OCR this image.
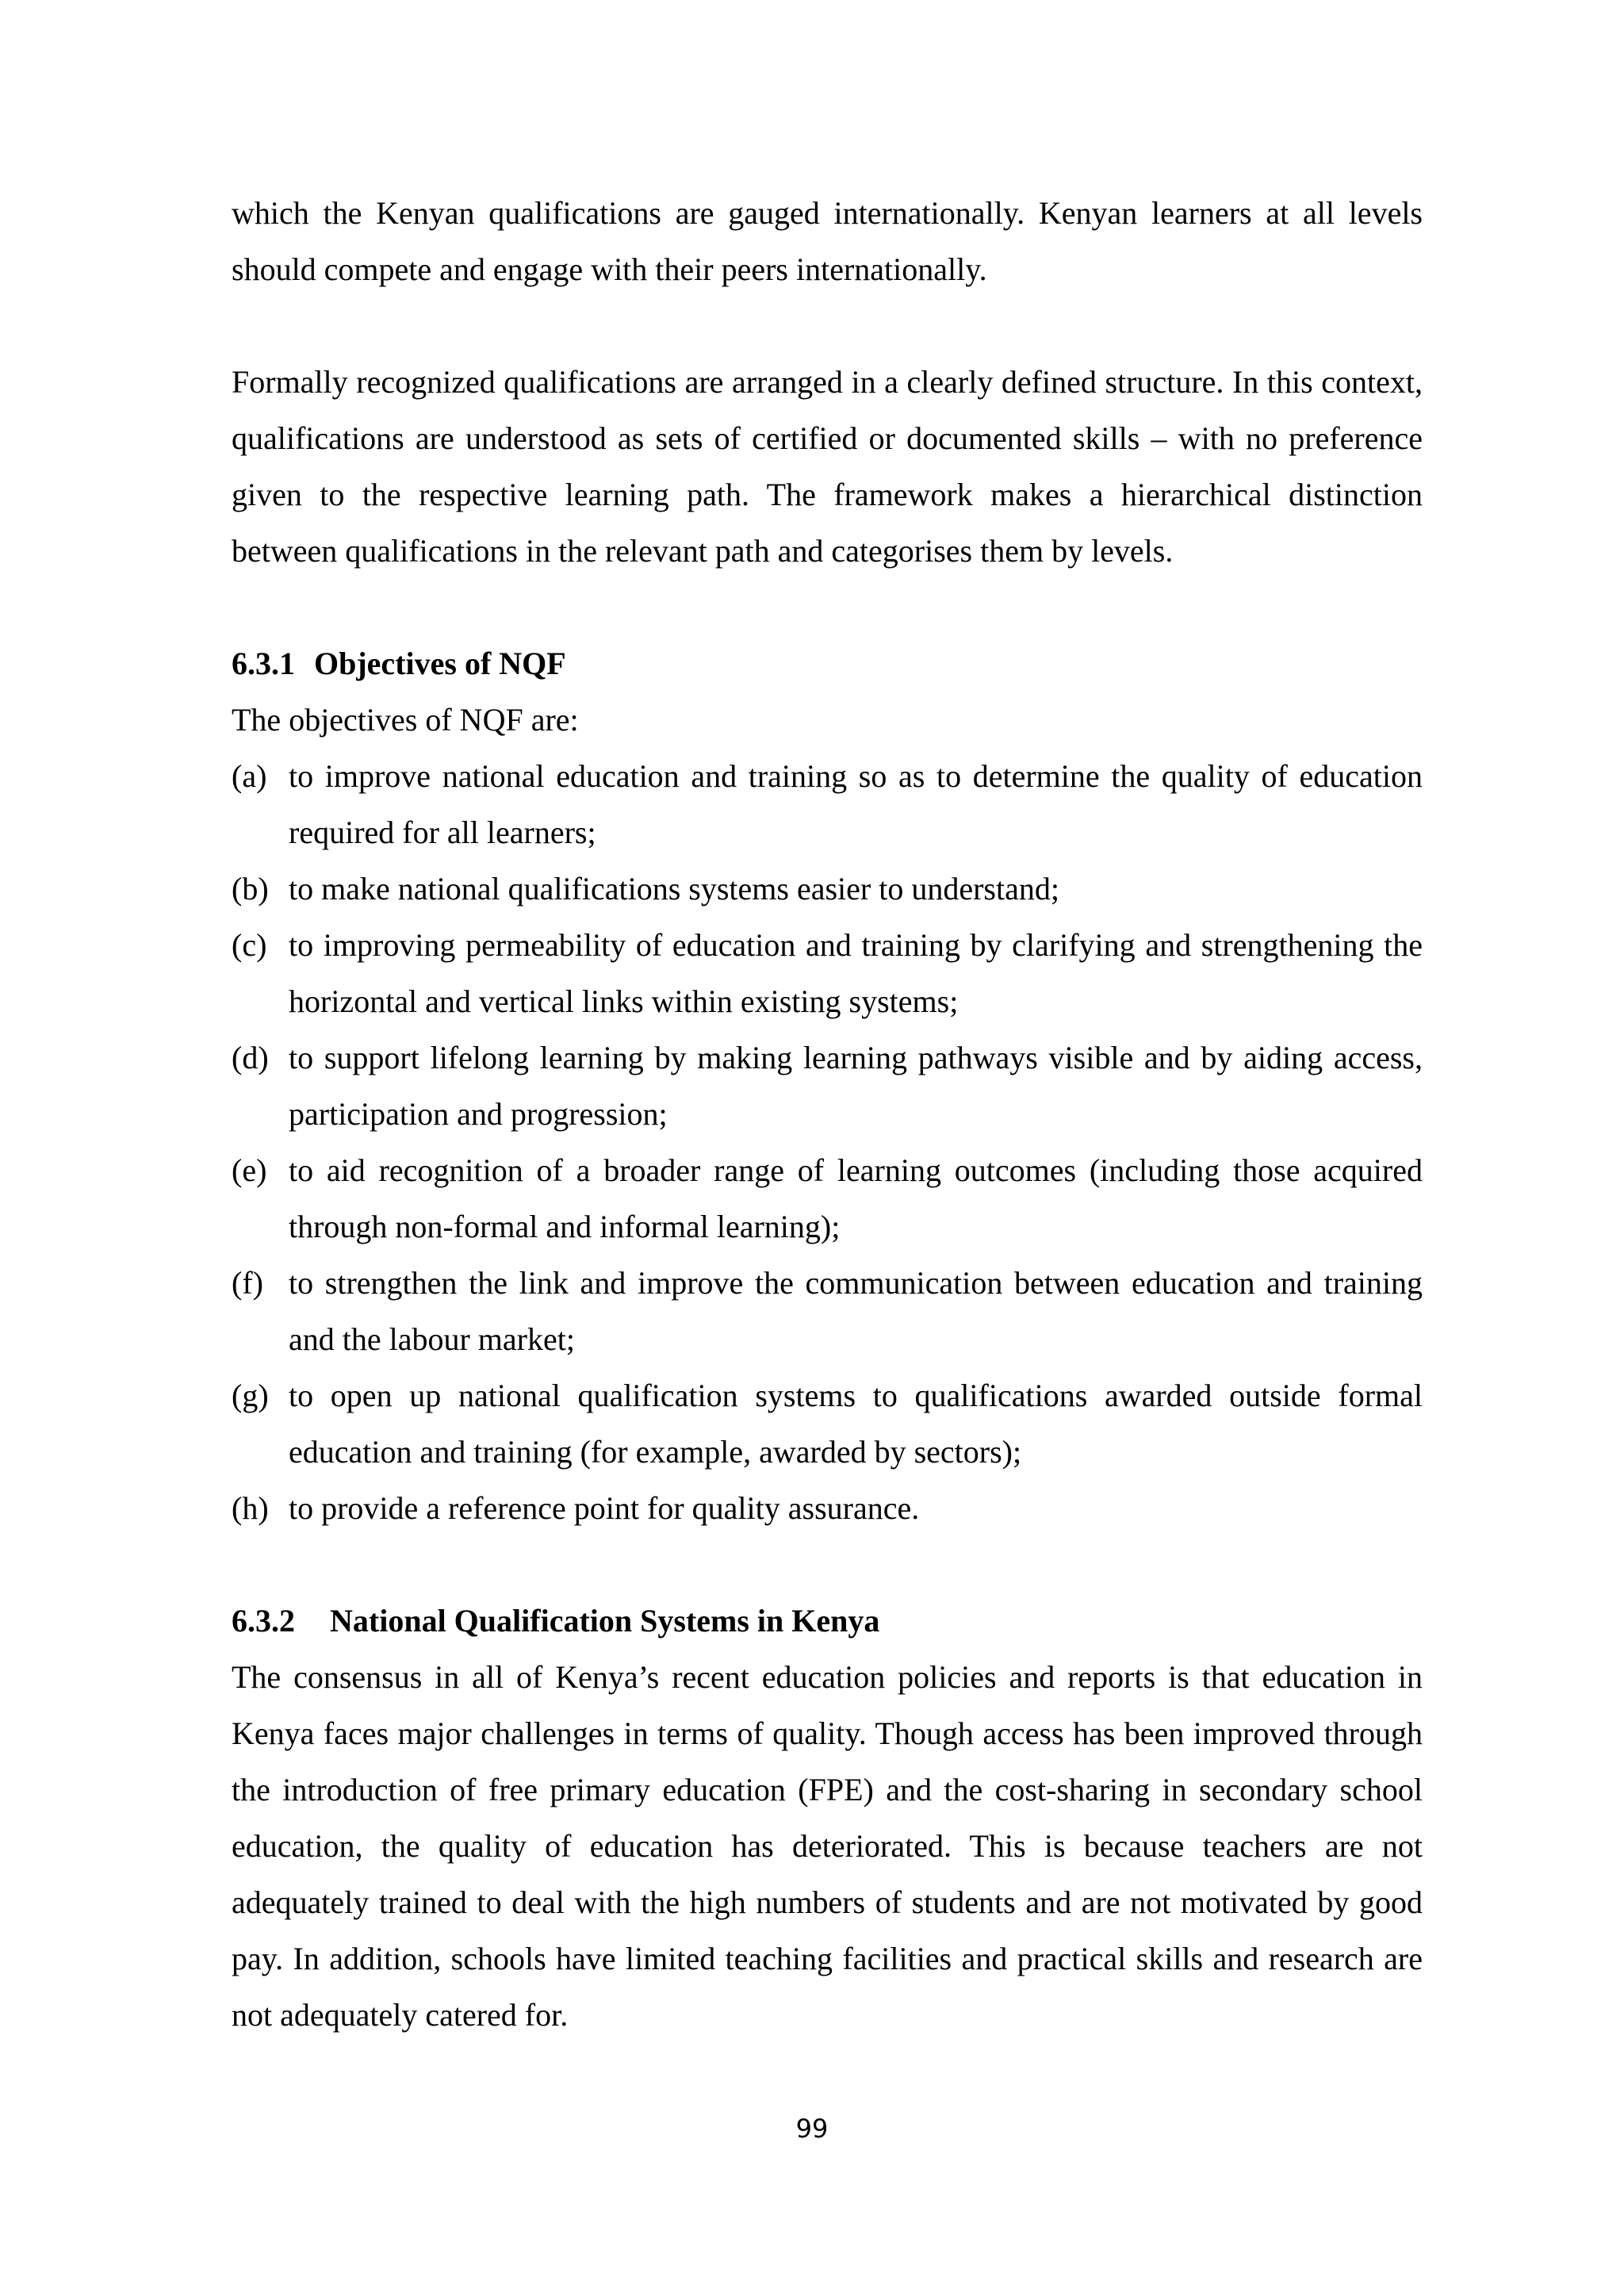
which the Kenyan qualifications are gauged internationally. Kenyan learners at all levels should compete and engage with their peers internationally.

Formally recognized qualifications are arranged in a clearly defined structure. In this context, qualifications are understood as sets of certified or documented skills – with no preference given to the respective learning path. The framework makes a hierarchical distinction between qualifications in the relevant path and categorises them by levels.

6.3.1 Objectives of NQF

The objectives of NQF are:

(a) to improve national education and training so as to determine the quality of education required for all learners;
(b) to make national qualifications systems easier to understand;
(c) to improving permeability of education and training by clarifying and strengthening the horizontal and vertical links within existing systems;
(d) to support lifelong learning by making learning pathways visible and by aiding access, participation and progression;
(e) to aid recognition of a broader range of learning outcomes (including those acquired through non-formal and informal learning);
(f) to strengthen the link and improve the communication between education and training and the labour market;
(g) to open up national qualification systems to qualifications awarded outside formal education and training (for example, awarded by sectors);
(h) to provide a reference point for quality assurance.
6.3.2 National Qualification Systems in Kenya

The consensus in all of Kenya’s recent education policies and reports is that education in Kenya faces major challenges in terms of quality. Though access has been improved through the introduction of free primary education (FPE) and the cost-sharing in secondary school education, the quality of education has deteriorated. This is because teachers are not adequately trained to deal with the high numbers of students and are not motivated by good pay. In addition, schools have limited teaching facilities and practical skills and research are not adequately catered for.

99
